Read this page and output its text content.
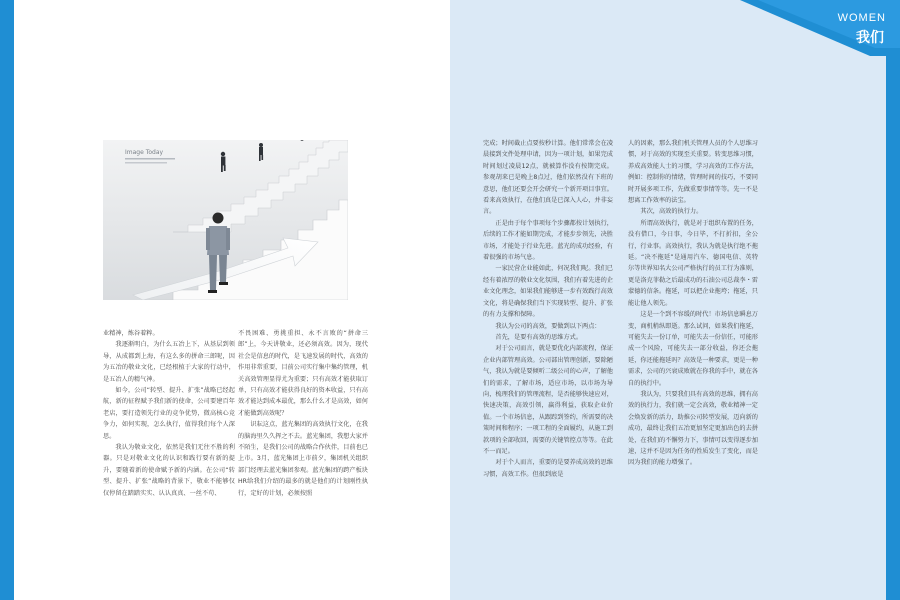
Image Today

业精神，炼谷着粹。

我逐渐明白，为什么五冶上下，从基层到领导，从成都到上海，有这么多的拼命三郎呢，因为五冶的敬业文化，已经根植于大家的行动中，是五冶人的精气神。

如今，公司“转型、提升、扩张”战略已经起航，新的征程赋予我们新的使命，公司要建百年老店，要打造领先行业的竞争优势，微高核心竞争力，如何实现，怎么执行，值得我们每个人深思。

我认为敬业文化，依然是我们无往不胜的利器。只是对敬业文化的认识和践行要有新的提升，要随着新的使命赋予新的内涵。在公司“转型、提升、扩张”战略的背景下，敬业不能够仅仅停留在踏踏实实、认认真真、一丝不苟、

不畏困难、勇挑重担、永不言败的“拼命三郎”上，今天讲敬业，还必须高效。因为，现代社会是信息的时代，是飞速发展的时代，高效的作用非常重要，目前公司实行集中集约管理，机关高效管理显得尤为重要；只有高效才能获取订单，只有高效才能获得良好的资本收益，只有高效才能达到成本最优，那么什么才是高效，如何才能做到高效呢？

识耘这点，蓝光集团的高效执行文化，在我的脑海里久久挥之不去。蓝光集团，我想大家并不陌生，是我们公司的战略合作伙伴，目前也已上市。3月，蓝光集团上市前夕，集团机关组织部门经理去蓝光集团参观。蓝光集团的跨产板块HR给我们介绍的最多的就是他们的计划刚性执行，定好的计划，必须按照

WOMEN
我们

完成；时间截止点要按秒计算。他们常常会在凌晨接到文件处理申请，因为一项计划，如果完成时间划过凌晨12点，就被算作没有按期完成。参观胡来已是晚上8点过，他们依然没有下班的意思，他们还要会开会研究一个新开项目事宜。看来高效执行，在他们真是已深入人心，并非妄言。

正是由于每个事项每个步骤都按计划执行，后续的工作才能如期完成，才能步步领先，决胜市场，才能处于行业先进。蓝光的成功经验，有着很强的市场气息。

一家民营企业能如此，何况我们呢。我们已经有着浓厚的敬业文化氛围，我们有着先进的企业文化理念，如果我们能够进一步有效践行高效文化，将是确保我们当下实现转型、提升、扩张的有力支撑和保障。

我认为公司的高效，要做到以下两点：

首先，是要有高效的思维方式。

对于公司而言，就是要优化内部流程，保证企业内部管理高效。公司部出管理创新，要除陋气，我认为就是要倾听二级公司的心声，了解他们的需求，了解市场，适应市场，以市场为导向，梳理我们的管理流程，是否能够快速应对，快速决策，高效引领，赢得利益，获取企业价值。一个市场信息，从跟踪到签约，所需要的决策时间和程序；一项工程的全面履约，从施工到款项的全部收回，需要的关键管控点等等。在此不一而足。

对于个人而言，重要的是要养成高效的思维习惯，高效工作。但很到底是

人的因素，那么我们机关管理人员的个人思维习惯，对于高效的实现至关重要。转变思维习惯，养成高效能人士的习惯，学习高效的工作方法，例如：控制你的情绪，管理时间的技巧，不要同时开展多项工作，先做重要事情等等。先一不是想离工作效率的法宝。

其次，高效的执行力。

所谓高效执行，就是对于组织布置的任务，没有借口，今日事，今日毕，不打折扣，全公行，行业事。高效执行，我认为就是执行绝不拖延。“决不拖延”是通用汽车、德国电信、英特尔等世界知名大公司严格执行的员工行为准则，更是洛克菲勒之后最成功的石油公司总裁李・雷蒙德的信条。拖延，可以把企业拖垮；拖延，只能让他人领先。

这是一个到不容缓的时代！市场信息瞬息万变，商机稍纵即逝。那么试问，如果我们拖延，可能失去一份订单，可能失去一份信任，可能形成一个风险，可能失去一部分收益，你还会拖延，你还能拖延吗？高效是一种要求，更是一种需求，公司的兴衰成败就在你我的手中，就在各自的执行中。

我认为，只要我们具有高效的思维，拥有高效的执行力，我们就一定会高效，敬业精神一定会焕发新的活力，助推公司转型发展，迈向新的成功，最终让我们五冶更加坚定更加出色的去拼处，在我们的不懈努力下，事情可以变得逐步加速，这并不是因为任务的性质发生了变化，而是因为我们的能力增强了。
